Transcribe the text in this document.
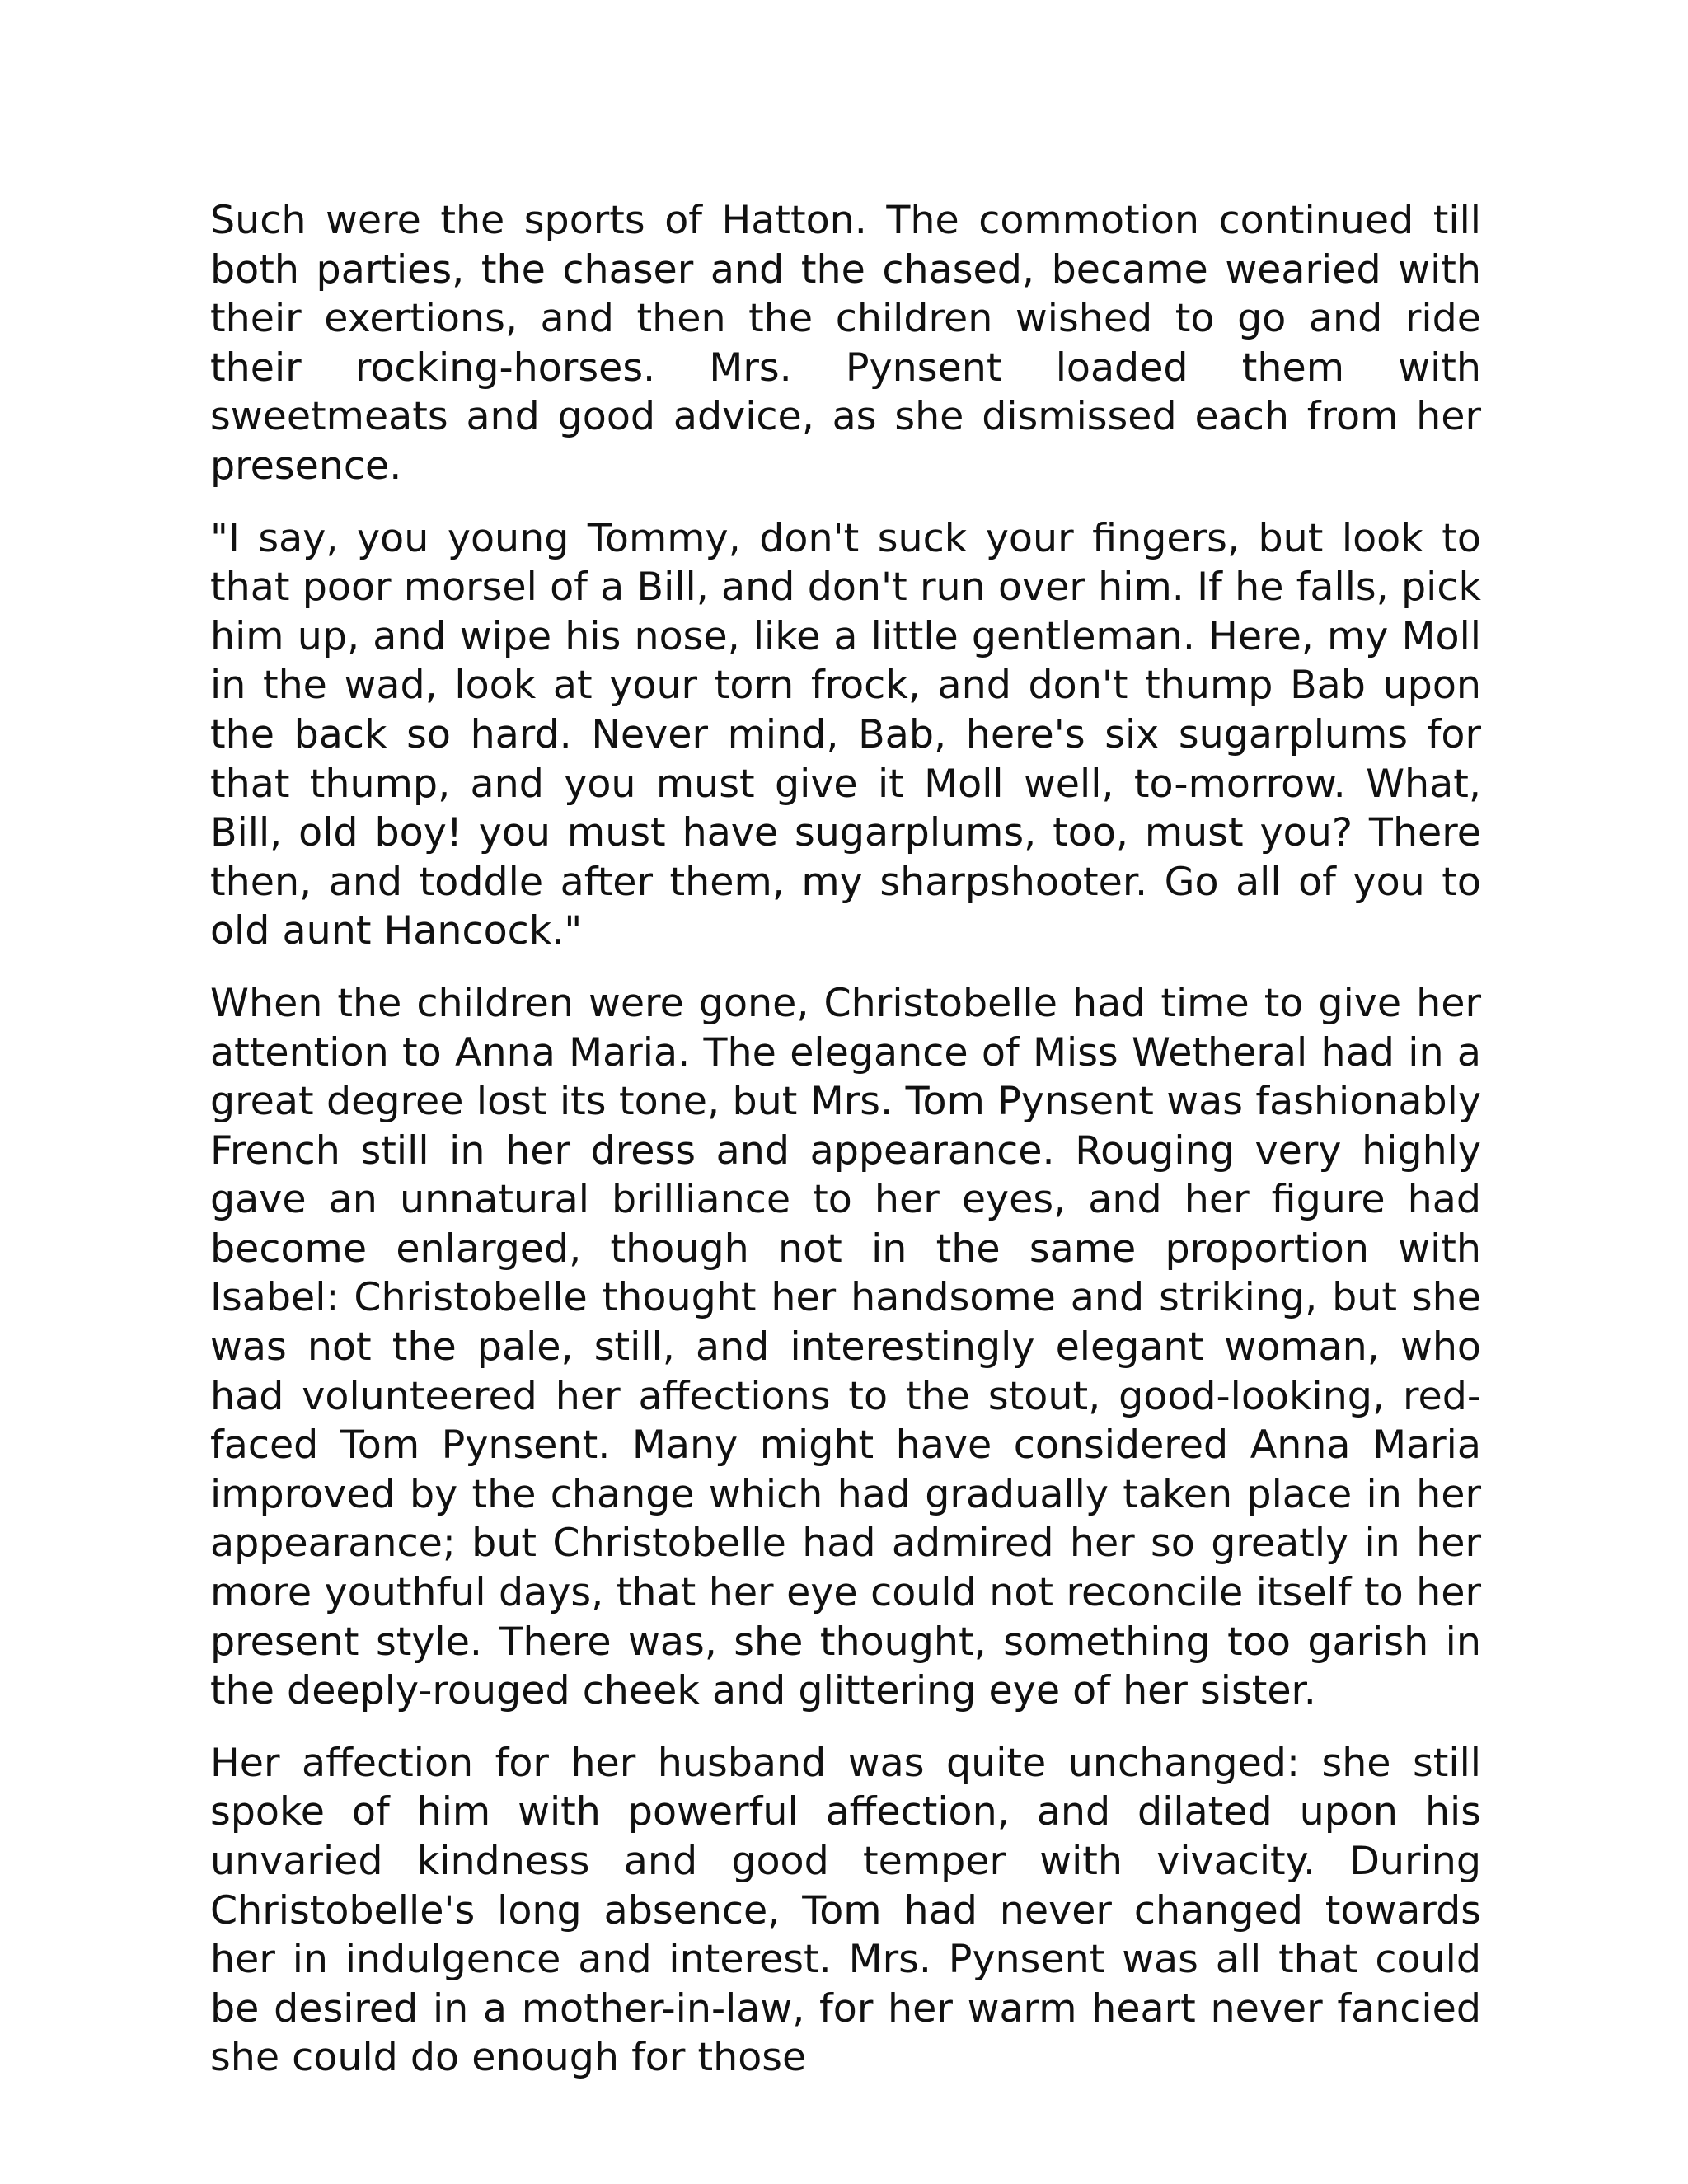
Such were the sports of Hatton. The commotion continued till both parties, the chaser and the chased, became wearied with their exertions, and then the children wished to go and ride their rocking-horses. Mrs. Pynsent loaded them with sweetmeats and good advice, as she dismissed each from her presence.

"I say, you young Tommy, don't suck your fingers, but look to that poor morsel of a Bill, and don't run over him. If he falls, pick him up, and wipe his nose, like a little gentleman. Here, my Moll in the wad, look at your torn frock, and don't thump Bab upon the back so hard. Never mind, Bab, here's six sugarplums for that thump, and you must give it Moll well, to-morrow. What, Bill, old boy! you must have sugarplums, too, must you? There then, and toddle after them, my sharpshooter. Go all of you to old aunt Hancock."

When the children were gone, Christobelle had time to give her attention to Anna Maria. The elegance of Miss Wetheral had in a great degree lost its tone, but Mrs. Tom Pynsent was fashionably French still in her dress and appearance. Rouging very highly gave an unnatural brilliance to her eyes, and her figure had become enlarged, though not in the same proportion with Isabel: Christobelle thought her handsome and striking, but she was not the pale, still, and interestingly elegant woman, who had volunteered her affections to the stout, good-looking, red-faced Tom Pynsent. Many might have considered Anna Maria improved by the change which had gradually taken place in her appearance; but Christobelle had admired her so greatly in her more youthful days, that her eye could not reconcile itself to her present style. There was, she thought, something too garish in the deeply-rouged cheek and glittering eye of her sister.

Her affection for her husband was quite unchanged: she still spoke of him with powerful affection, and dilated upon his unvaried kindness and good temper with vivacity. During Christobelle's long absence, Tom had never changed towards her in indulgence and interest. Mrs. Pynsent was all that could be desired in a mother-in-law, for her warm heart never fancied she could do enough for those
